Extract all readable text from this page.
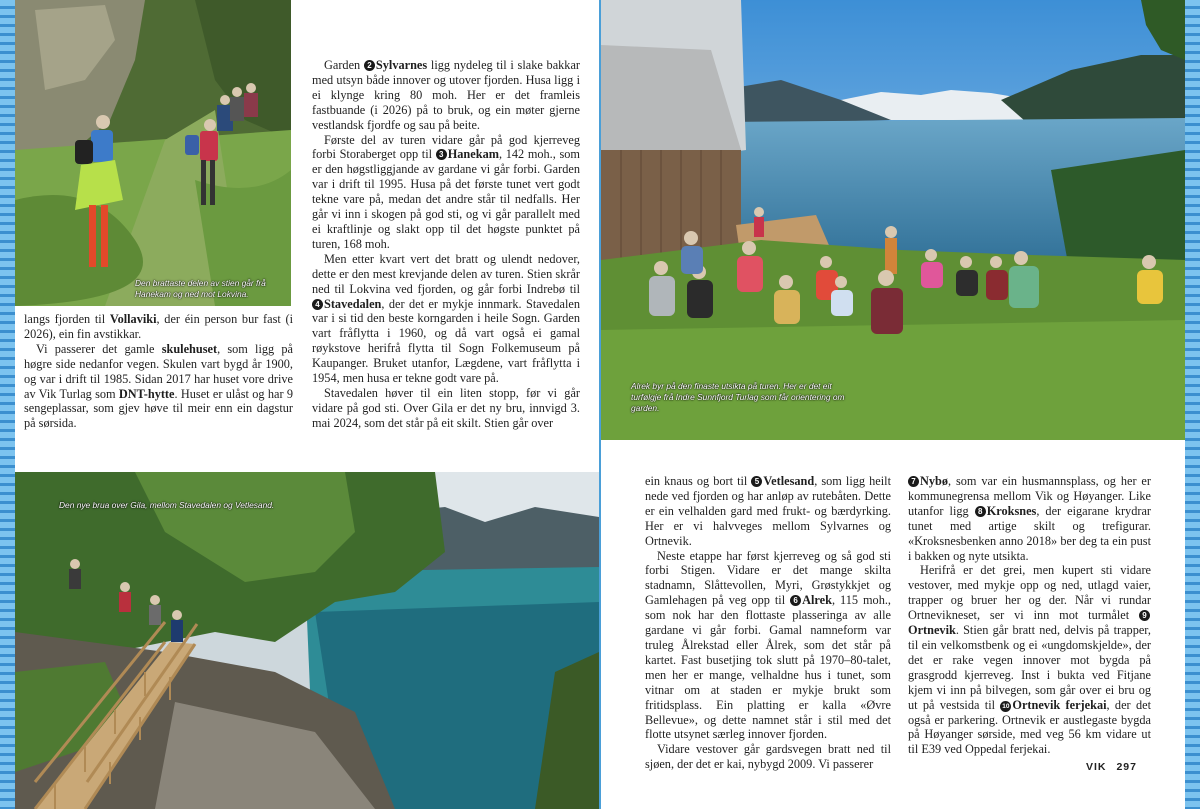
Den brattaste delen av stien går frå Hanekam og ned mot Lokvina.

langs fjorden til Vollaviki, der éin person bur fast (i 2026), ein fin avstikkar.

Vi passerer det gamle skulehuset, som ligg på høgre side nedanfor vegen. Skulen vart bygd år 1900, og var i drift til 1985. Sidan 2017 har huset vore drive av Vik Turlag som DNT-hytte. Huset er ulåst og har 9 sengeplassar, som gjev høve til meir enn ein dagstur på sørsida.

Garden 2 Sylvarnes ligg nydeleg til i slake bakkar med utsyn både innover og utover fjorden. Husa ligg i ei klynge kring 80 moh. Her er det framleis fastbuande (i 2026) på to bruk, og ein møter gjerne vestlandsk fjordfe og sau på beite.

Første del av turen vidare går på god kjerreveg forbi Storaberget opp til 3 Hanekam, 142 moh., som er den høgstliggjande av gardane vi går forbi. Garden var i drift til 1995. Husa på det første tunet vert godt tekne vare på, medan det andre står til nedfalls. Her går vi inn i skogen på god sti, og vi går parallelt med ei kraftlinje og slakt opp til det høgste punktet på turen, 168 moh.

Men etter kvart vert det bratt og ulendt nedover, dette er den mest krevjande delen av turen. Stien skrår ned til Lokvina ved fjorden, og går forbi Indrebø til 4 Stavedalen, der det er mykje innmark. Stavedalen var i si tid den beste korngarden i heile Sogn. Garden vart fråflytta i 1960, og då vart også ei gamal røykstove herifrå flytta til Sogn Folkemuseum på Kaupanger. Bruket utanfor, Lægdene, vart fråflytta i 1954, men husa er tekne godt vare på.

Stavedalen høver til ein liten stopp, før vi går vidare på god sti. Over Gila er det ny bru, innvigd 3. mai 2024, som det står på eit skilt. Stien går over

Den nye brua over Gila, mellom Stavedalen og Vetlesand.
Alrek byr på den finaste utsikta på turen. Her er det eit turfølgje frå Indre Sunnfjord Turlag som får orientering om garden.

ein knaus og bort til 5 Vetlesand, som ligg heilt nede ved fjorden og har anløp av rutebåten. Dette er ein velhalden gard med frukt- og bærdyrking. Her er vi halvveges mellom Sylvarnes og Ortnevik.

Neste etappe har først kjerreveg og så god sti forbi Stigen. Vidare er det mange skilta stadnamn, Slåttevollen, Myri, Grøstykkjet og Gamlehagen på veg opp til 6 Alrek, 115 moh., som nok har den flottaste plasseringa av alle gardane vi går forbi. Gamal namneform var truleg Ålrekstad eller Ålrek, som det står på kartet. Fast busetjing tok slutt på 1970–80-talet, men her er mange, velhaldne hus i tunet, som vitnar om at staden er mykje brukt som fritidsplass. Ein platting er kalla «Øvre Bellevue», og dette namnet står i stil med det flotte utsynet særleg innover fjorden.

Vidare vestover går gardsvegen bratt ned til sjøen, der det er kai, nybygd 2009. Vi passerer

7 Nybø, som var ein husmannsplass, og her er kommunegrensa mellom Vik og Høyanger. Like utanfor ligg 8 Kroksnes, der eigarane krydrar tunet med artige skilt og trefigurar. «Kroksnesbenken anno 2018» ber deg ta ein pust i bakken og nyte utsikta.

Herifrå er det grei, men kupert sti vidare vestover, med mykje opp og ned, utlagd vaier, trapper og bruer her og der. Når vi rundar Ortnevikneset, ser vi inn mot turmålet 9Ortnevik. Stien går bratt ned, delvis på trapper, til ein velkomstbenk og ei «ungdomskjelde», der det er rake vegen innover mot bygda på grasgrodd kjerreveg. Inst i bukta ved Fitjane kjem vi inn på bilvegen, som går over ei bru og ut på vestsida til 10 Ortnevik ferjekai, der det også er parkering. Ortnevik er austlegaste bygda på Høyanger sørside, med veg 56 km vidare ut til E39 ved Oppedal ferjekai.

VIK 297
